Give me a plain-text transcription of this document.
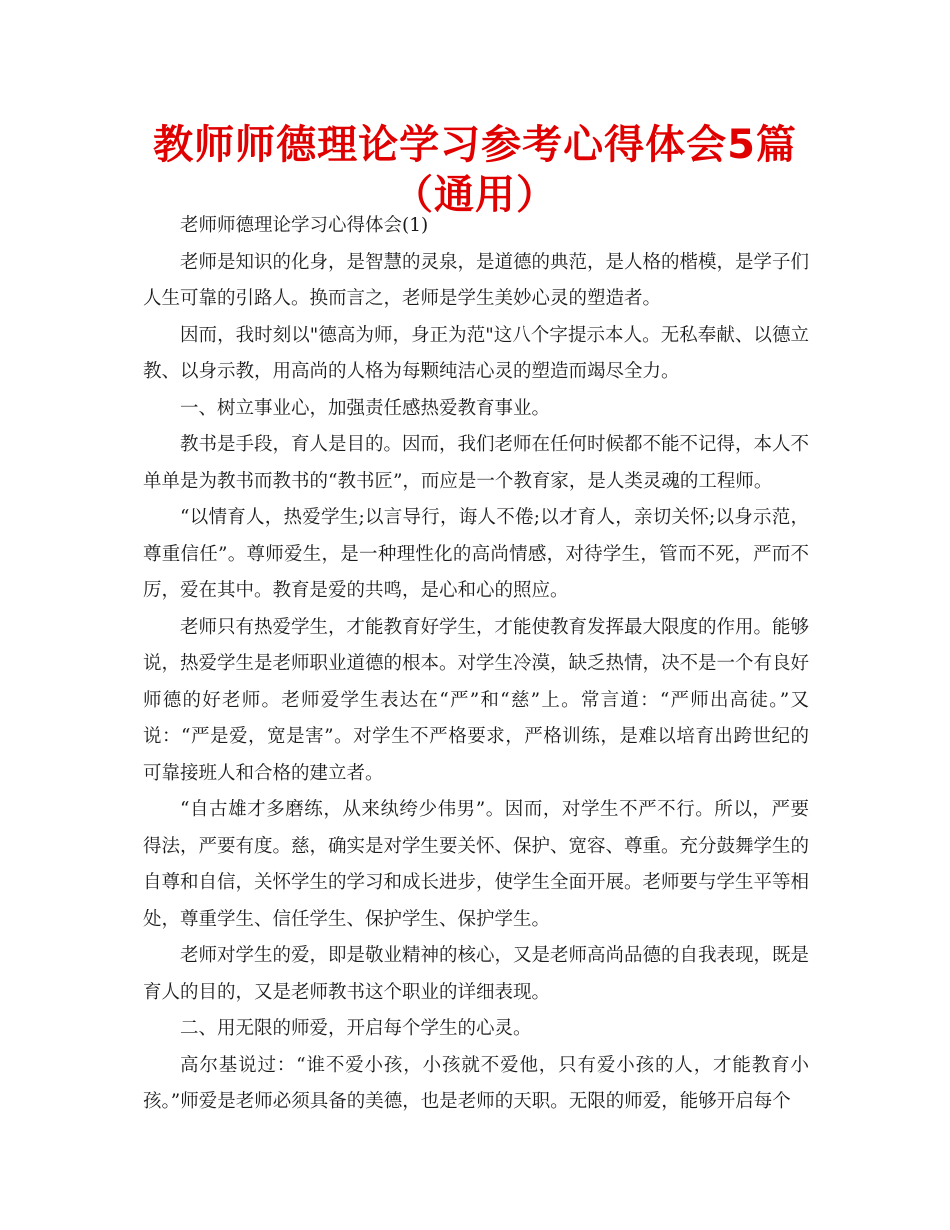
教师师德理论学习参考心得体会5篇（通用）

老师师德理论学习心得体会(1)

老师是知识的化身，是智慧的灵泉，是道德的典范，是人格的楷模，是学子们人生可靠的引路人。换而言之，老师是学生美妙心灵的塑造者。

因而，我时刻以"德高为师，身正为范"这八个字提示本人。无私奉献、以德立教、以身示教，用高尚的人格为每颗纯洁心灵的塑造而竭尽全力。

一、树立事业心，加强责任感热爱教育事业。

教书是手段，育人是目的。因而，我们老师在任何时候都不能不记得，本人不单单是为教书而教书的“教书匠”，而应是一个教育家，是人类灵魂的工程师。

“以情育人，热爱学生;以言导行，诲人不倦;以才育人，亲切关怀;以身示范，尊重信任”。尊师爱生，是一种理性化的高尚情感，对待学生，管而不死，严而不厉，爱在其中。教育是爱的共鸣，是心和心的照应。

老师只有热爱学生，才能教育好学生，才能使教育发挥最大限度的作用。能够说，热爱学生是老师职业道德的根本。对学生冷漠，缺乏热情，决不是一个有良好师德的好老师。老师爱学生表达在“严”和“慈”上。常言道：“严师出高徒。”又说：“严是爱，宽是害”。对学生不严格要求，严格训练，是难以培育出跨世纪的可靠接班人和合格的建立者。

“自古雄才多磨练，从来纨绔少伟男”。因而，对学生不严不行。所以，严要得法，严要有度。慈，确实是对学生要关怀、保护、宽容、尊重。充分鼓舞学生的自尊和自信，关怀学生的学习和成长进步，使学生全面开展。老师要与学生平等相处，尊重学生、信任学生、保护学生、保护学生。

老师对学生的爱，即是敬业精神的核心，又是老师高尚品德的自我表现，既是育人的目的，又是老师教书这个职业的详细表现。

二、用无限的师爱，开启每个学生的心灵。

高尔基说过：“谁不爱小孩，小孩就不爱他，只有爱小孩的人，才能教育小孩。”师爱是老师必须具备的美德，也是老师的天职。无限的师爱，能够开启每个
